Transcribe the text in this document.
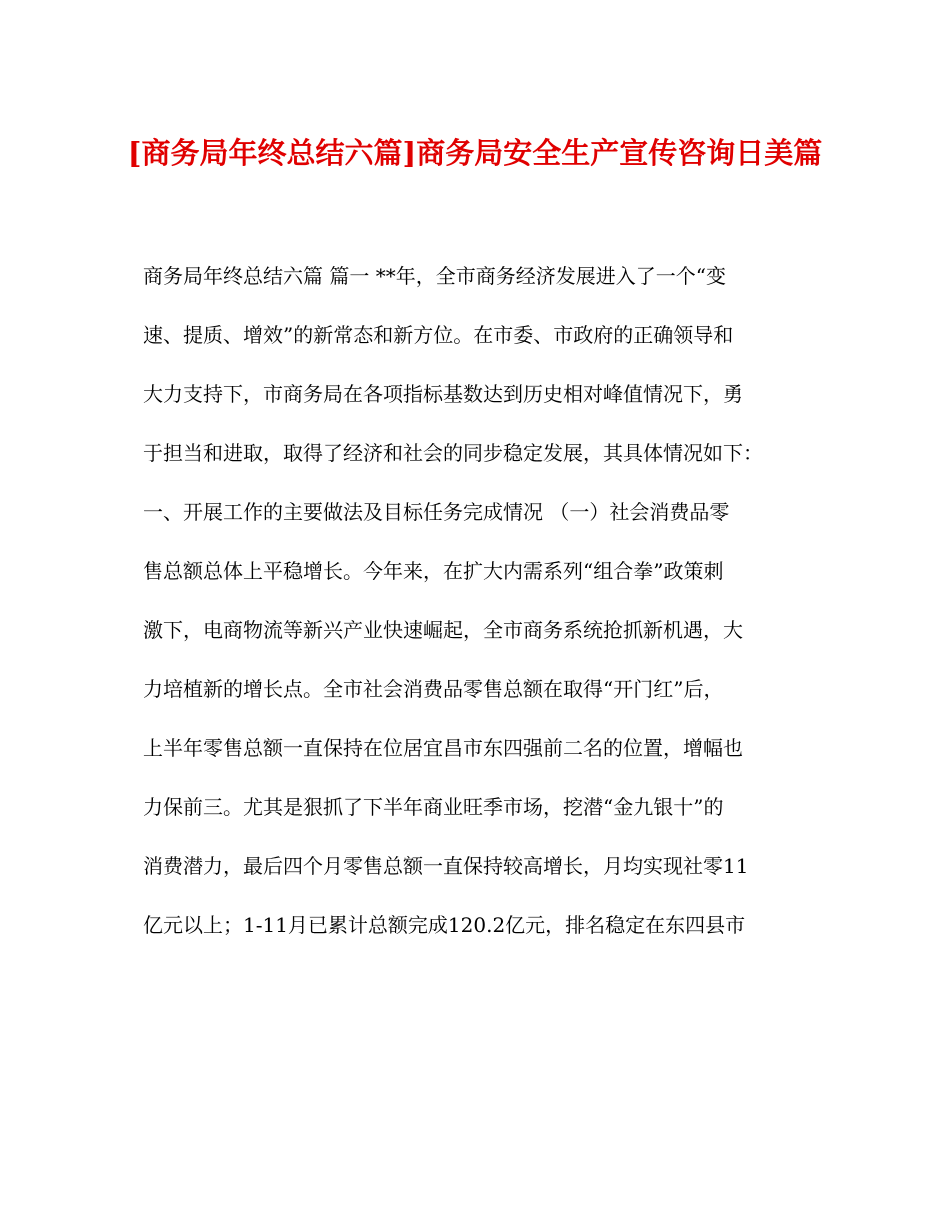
[商务局年终总结六篇]商务局安全生产宣传咨询日美篇
商务局年终总结六篇 篇一 **年，全市商务经济发展进入了一个“变
速、提质、增效”的新常态和新方位。在市委、市政府的正确领导和
大力支持下，市商务局在各项指标基数达到历史相对峰值情况下，勇
于担当和进取，取得了经济和社会的同步稳定发展，其具体情况如下：
一、开展工作的主要做法及目标任务完成情况 （一）社会消费品零
售总额总体上平稳增长。今年来，在扩大内需系列“组合拳”政策刺
激下，电商物流等新兴产业快速崛起，全市商务系统抢抓新机遇，大
力培植新的增长点。全市社会消费品零售总额在取得“开门红”后，
上半年零售总额一直保持在位居宜昌市东四强前二名的位置，增幅也
力保前三。尤其是狠抓了下半年商业旺季市场，挖潜“金九银十”的
消费潜力，最后四个月零售总额一直保持较高增长，月均实现社零11
亿元以上；1-11月已累计总额完成120.2亿元，排名稳定在东四县市
